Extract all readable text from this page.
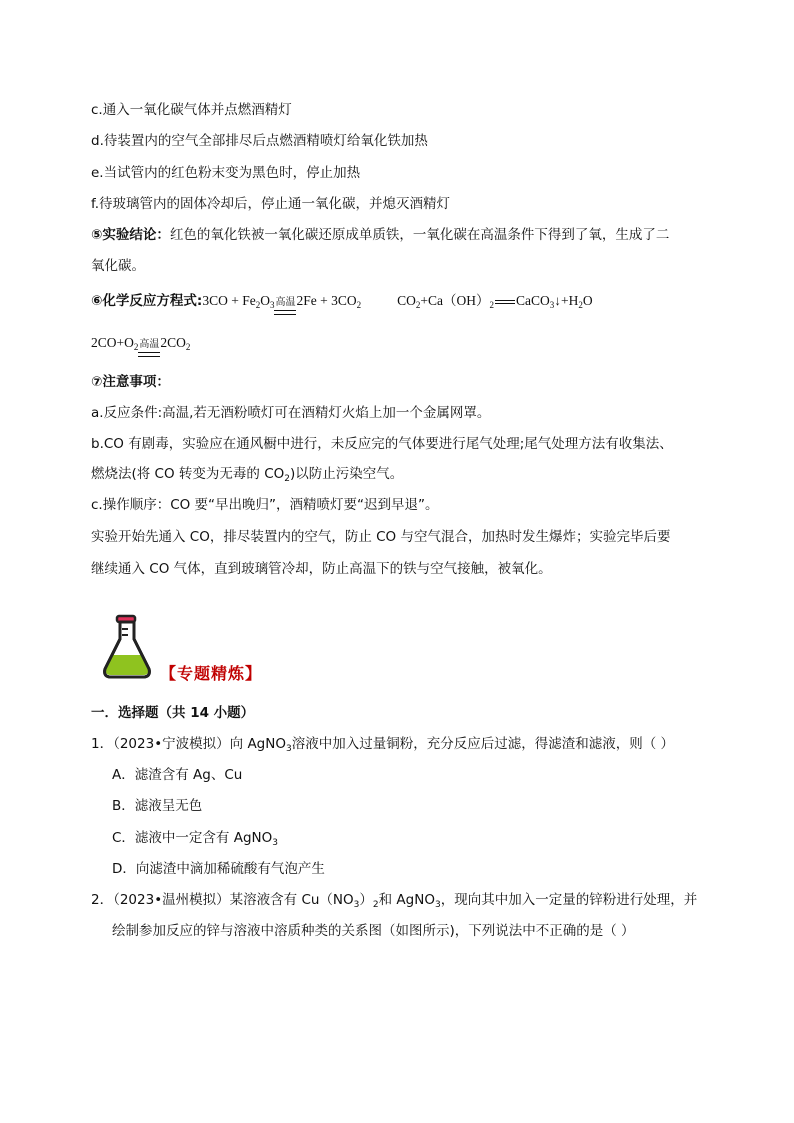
c.通入一氧化碳气体并点燃酒精灯
d.待装置内的空气全部排尽后点燃酒精喷灯给氧化铁加热
e.当试管内的红色粉末变为黑色时，停止加热
f.待玻璃管内的固体冷却后，停止通一氧化碳，并熄灭酒精灯
⑤实验结论：红色的氧化铁被一氧化碳还原成单质铁，一氧化碳在高温条件下得到了氧，生成了二
氧化碳。
⑥化学反应方程式:3CO + $Fe_2O_3$高温$2Fe + 3CO_2$	$CO_2+Ca(OH)_2$ $CaCO_3↓+H_2O$
$2CO+O_2$高温$2CO_2$
⑦注意事项：
a.反应条件:高温,若无酒粉喷灯可在酒精灯火焰上加一个金属网罩。
b.CO 有剧毒，实验应在通风橱中进行，未反应完的气体要进行尾气处理;尾气处理方法有收集法、
燃烧法(将 CO 转变为无毒的 $CO_2$)以防止污染空气。
c.操作顺序：CO 要“早出晚归”，酒精喷灯要“迟到早退”。
实验开始先通入 CO，排尽装置内的空气，防止 CO 与空气混合，加热时发生爆炸；实验完毕后要
继续通入 CO 气体，直到玻璃管冷却，防止高温下的铁与空气接触，被氧化。
【专题精炼】
一．选择题（共 14 小题）
1．（2023•宁波模拟）向 AgNO$_3$溶液中加入过量铜粉，充分反应后过滤，得滤渣和滤液，则（ ）
A．滤渣含有 Ag、Cu
B．滤液呈无色
C．滤液中一定含有 AgNO$_3$
D．向滤渣中滴加稀硫酸有气泡产生
2．（2023•温州模拟）某溶液含有 $Cu(NO_3)_2$和 AgNO$_3$，现向其中加入一定量的锌粉进行处理，并
绘制参加反应的锌与溶液中溶质种类的关系图（如图所示)，下列说法中不正确的是（ ）
